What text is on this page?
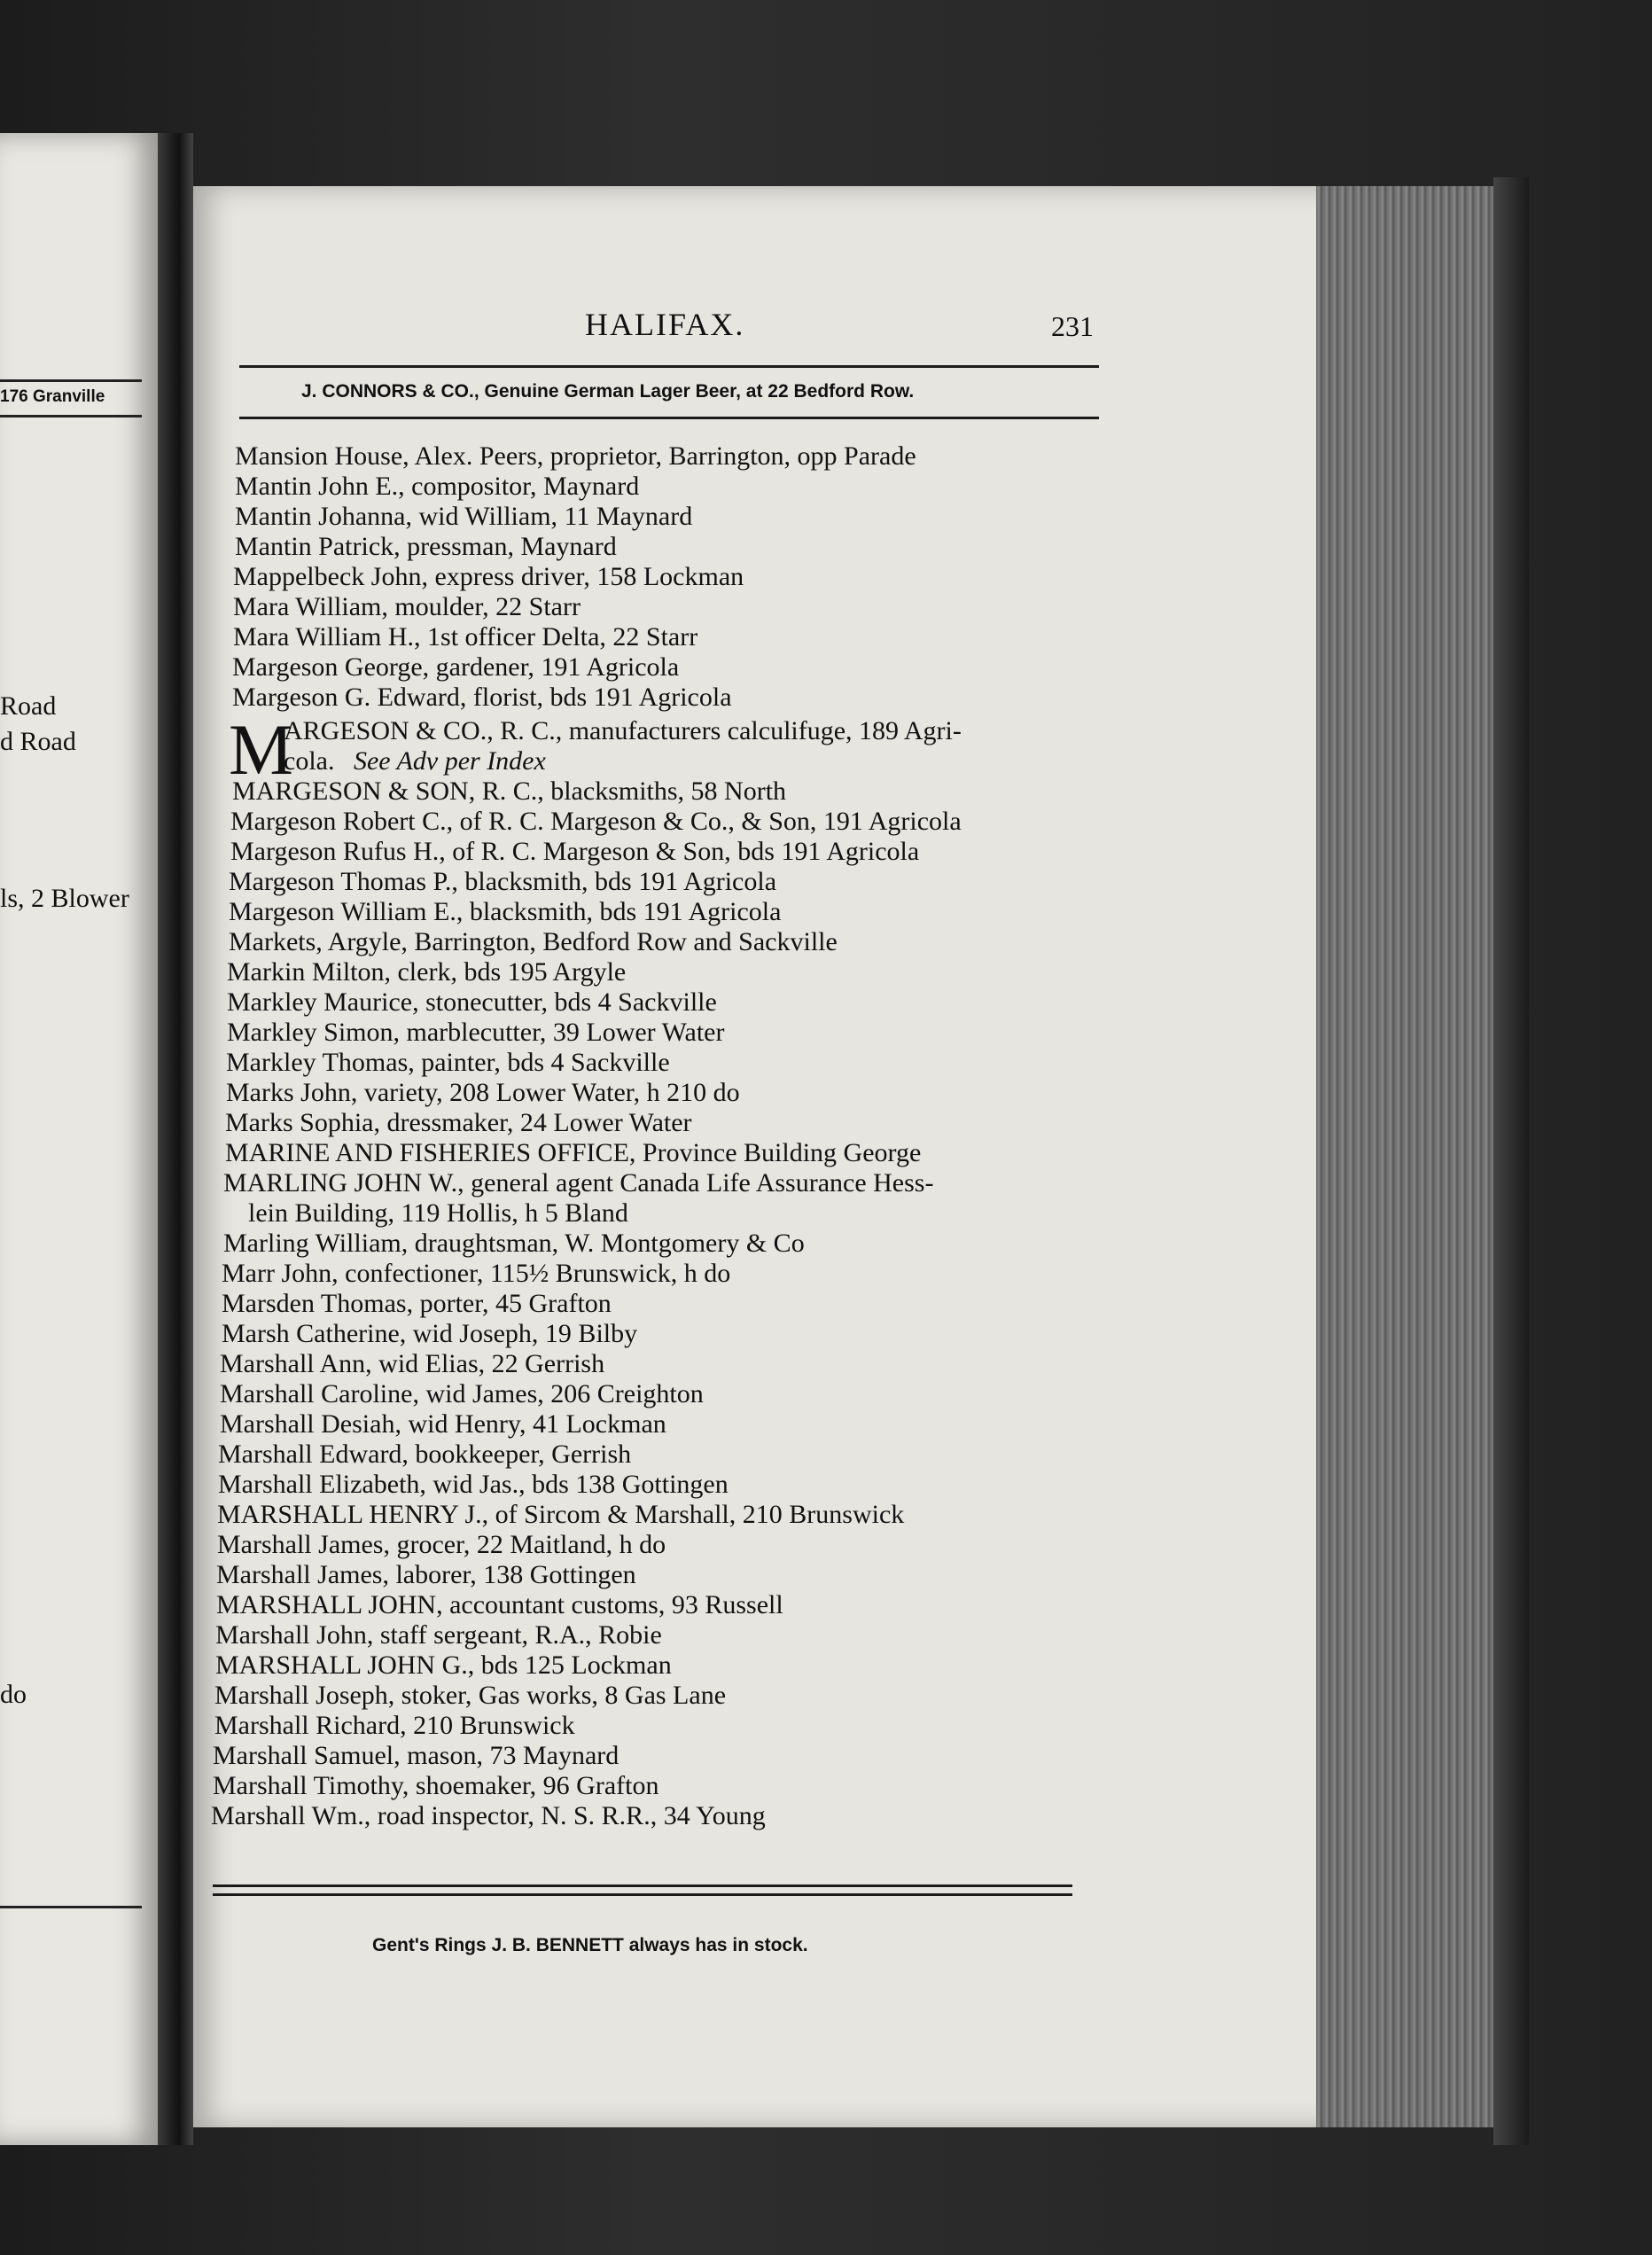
176 Granville
Road
d Road
ls, 2 Blower
do
HALIFAX.	231
J. CONNORS & CO., Genuine German Lager Beer, at 22 Bedford Row.
Mansion House, Alex. Peers, proprietor, Barrington, opp Parade
Mantin John E., compositor, Maynard
Mantin Johanna, wid William, 11 Maynard
Mantin Patrick, pressman, Maynard
Mappelbeck John, express driver, 158 Lockman
Mara William, moulder, 22 Starr
Mara William H., 1st officer Delta, 22 Starr
Margeson George, gardener, 191 Agricola
Margeson G. Edward, florist, bds 191 Agricola
M
ARGESON & CO., R. C., manufacturers calculifuge, 189 Agri-
cola. See Adv per Index
MARGESON & SON, R. C., blacksmiths, 58 North
Margeson Robert C., of R. C. Margeson & Co., & Son, 191 Agricola
Margeson Rufus H., of R. C. Margeson & Son, bds 191 Agricola
Margeson Thomas P., blacksmith, bds 191 Agricola
Margeson William E., blacksmith, bds 191 Agricola
Markets, Argyle, Barrington, Bedford Row and Sackville
Markin Milton, clerk, bds 195 Argyle
Markley Maurice, stonecutter, bds 4 Sackville
Markley Simon, marblecutter, 39 Lower Water
Markley Thomas, painter, bds 4 Sackville
Marks John, variety, 208 Lower Water, h 210 do
Marks Sophia, dressmaker, 24 Lower Water
MARINE AND FISHERIES OFFICE, Province Building George
MARLING JOHN W., general agent Canada Life Assurance Hess-
lein Building, 119 Hollis, h 5 Bland
Marling William, draughtsman, W. Montgomery & Co
Marr John, confectioner, 115½ Brunswick, h do
Marsden Thomas, porter, 45 Grafton
Marsh Catherine, wid Joseph, 19 Bilby
Marshall Ann, wid Elias, 22 Gerrish
Marshall Caroline, wid James, 206 Creighton
Marshall Desiah, wid Henry, 41 Lockman
Marshall Edward, bookkeeper, Gerrish
Marshall Elizabeth, wid Jas., bds 138 Gottingen
MARSHALL HENRY J., of Sircom & Marshall, 210 Brunswick
Marshall James, grocer, 22 Maitland, h do
Marshall James, laborer, 138 Gottingen
MARSHALL JOHN, accountant customs, 93 Russell
Marshall John, staff sergeant, R.A., Robie
MARSHALL JOHN G., bds 125 Lockman
Marshall Joseph, stoker, Gas works, 8 Gas Lane
Marshall Richard, 210 Brunswick
Marshall Samuel, mason, 73 Maynard
Marshall Timothy, shoemaker, 96 Grafton
Marshall Wm., road inspector, N. S. R.R., 34 Young
Gent's Rings J. B. BENNETT always has in stock.
